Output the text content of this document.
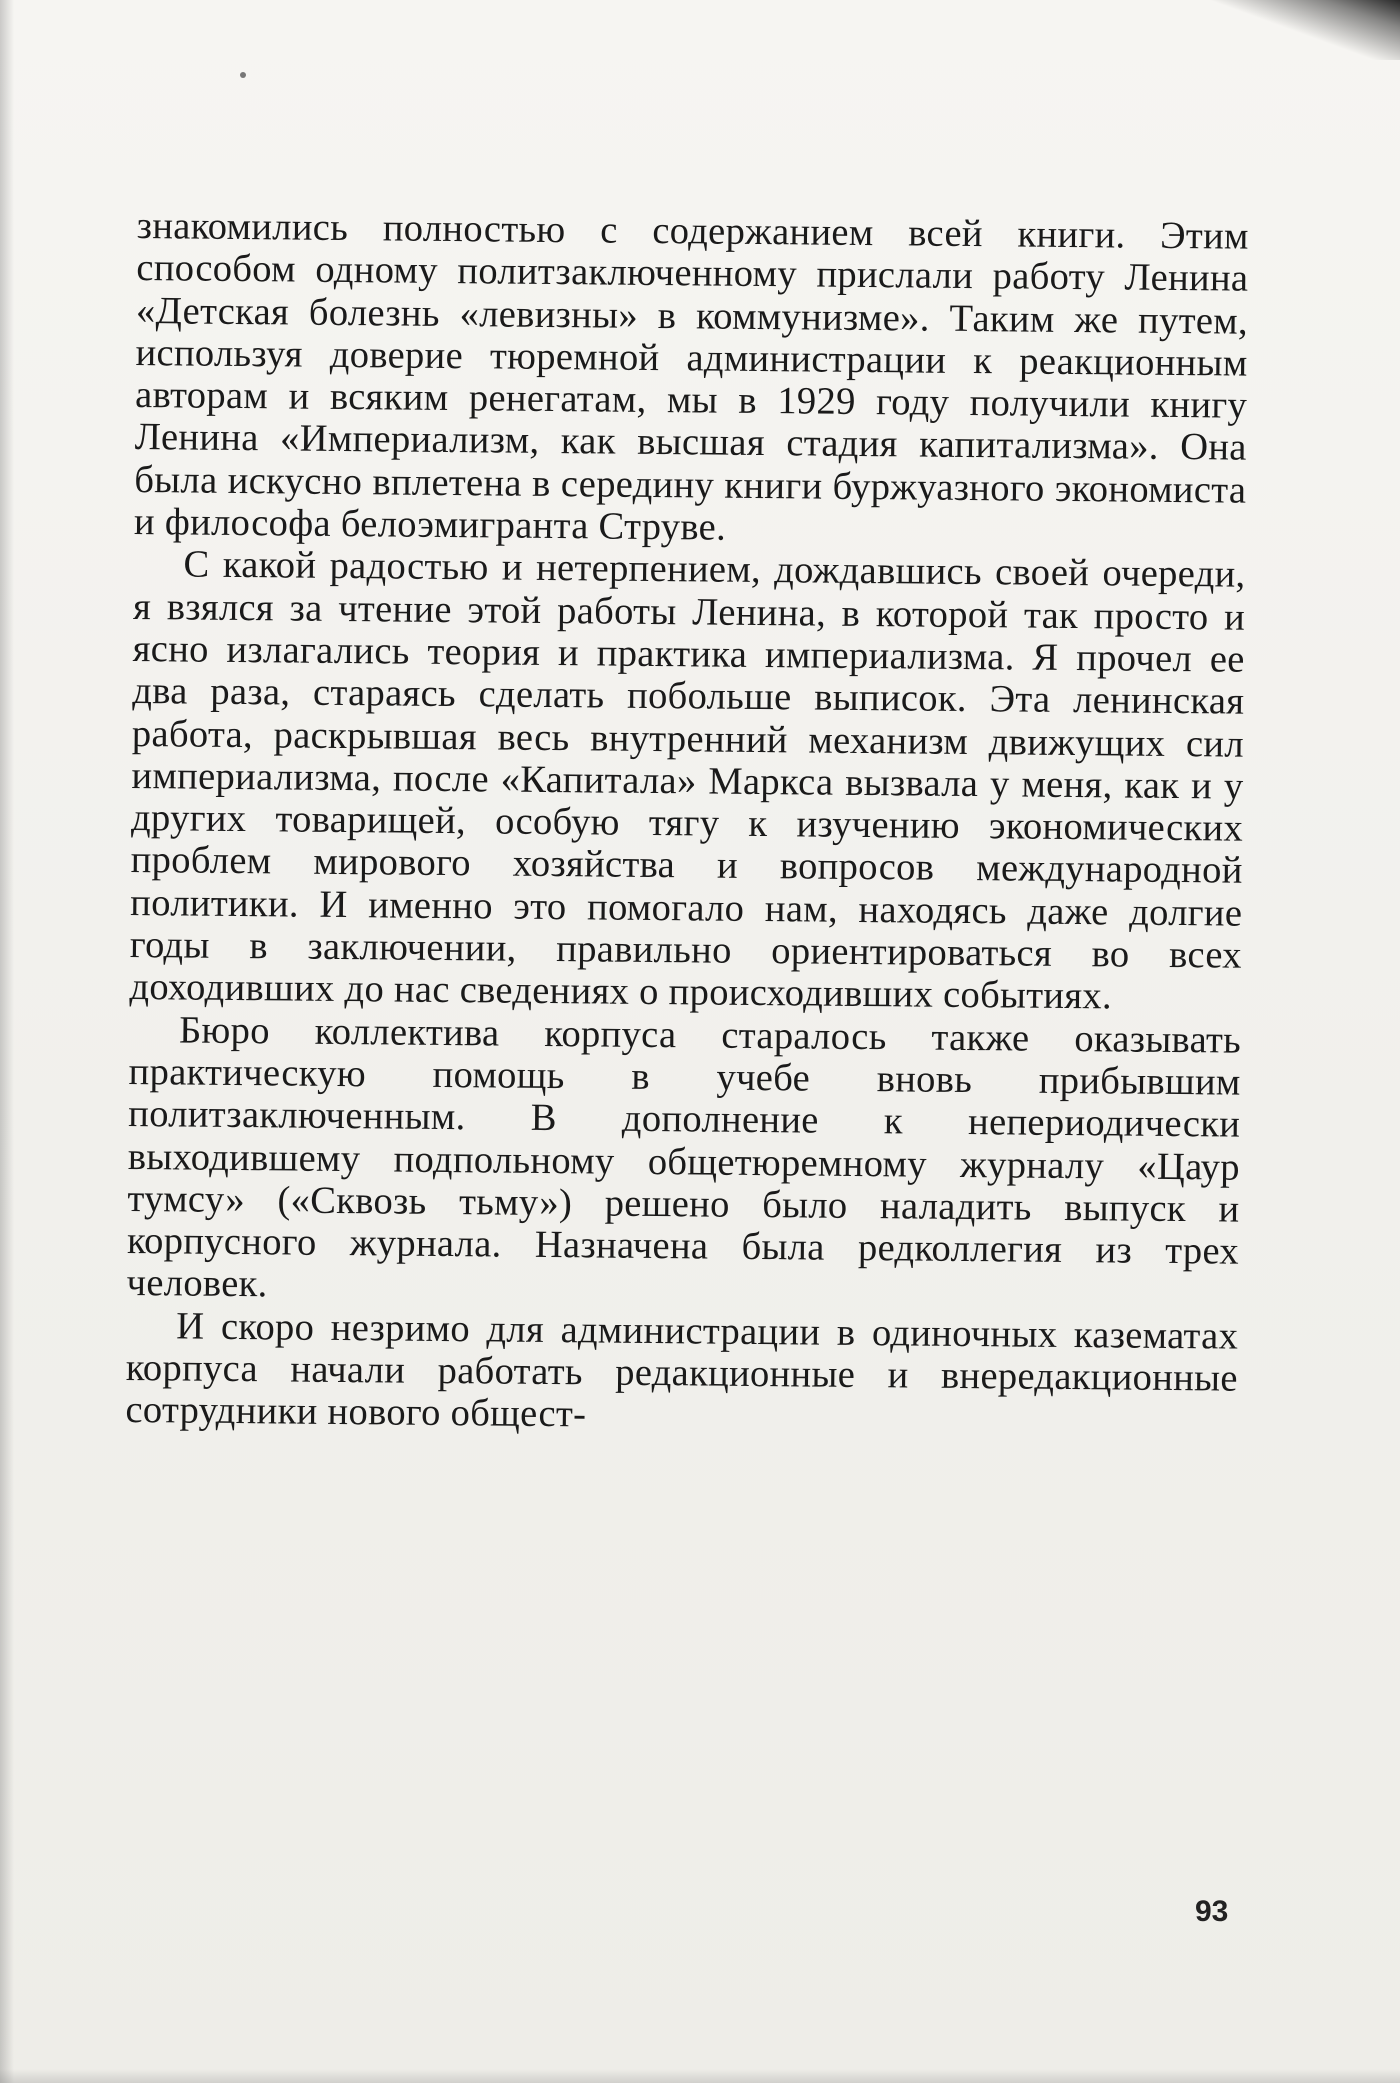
знакомились полностью с содержанием всей книги. Этим способом одному политзаключенному прислали работу Ленина «Детская болезнь «левизны» в коммунизме». Таким же путем, используя доверие тюремной администрации к реакционным авторам и всяким ренегатам, мы в 1929 году получили книгу Ленина «Империализм, как высшая стадия капитализма». Она была искусно вплетена в середину книги буржуазного экономиста и философа белоэмигранта Струве.

С какой радостью и нетерпением, дождавшись своей очереди, я взялся за чтение этой работы Ленина, в которой так просто и ясно излагались теория и практика империализма. Я прочел ее два раза, стараясь сделать побольше выписок. Эта ленинская работа, раскрывшая весь внутренний механизм движущих сил империализма, после «Капитала» Маркса вызвала у меня, как и у других товарищей, особую тягу к изучению экономических проблем мирового хозяйства и вопросов международной политики. И именно это помогало нам, находясь даже долгие годы в заключении, правильно ориентироваться во всех доходивших до нас сведениях о происходивших событиях.

Бюро коллектива корпуса старалось также оказывать практическую помощь в учебе вновь прибывшим политзаключенным. В дополнение к непериодически выходившему подпольному общетюремному журналу «Цаур тумсу» («Сквозь тьму») решено было наладить выпуск и корпусного журнала. Назначена была редколлегия из трех человек.

И скоро незримо для администрации в одиночных казематах корпуса начали работать редакционные и внередакционные сотрудники нового общест-

93
